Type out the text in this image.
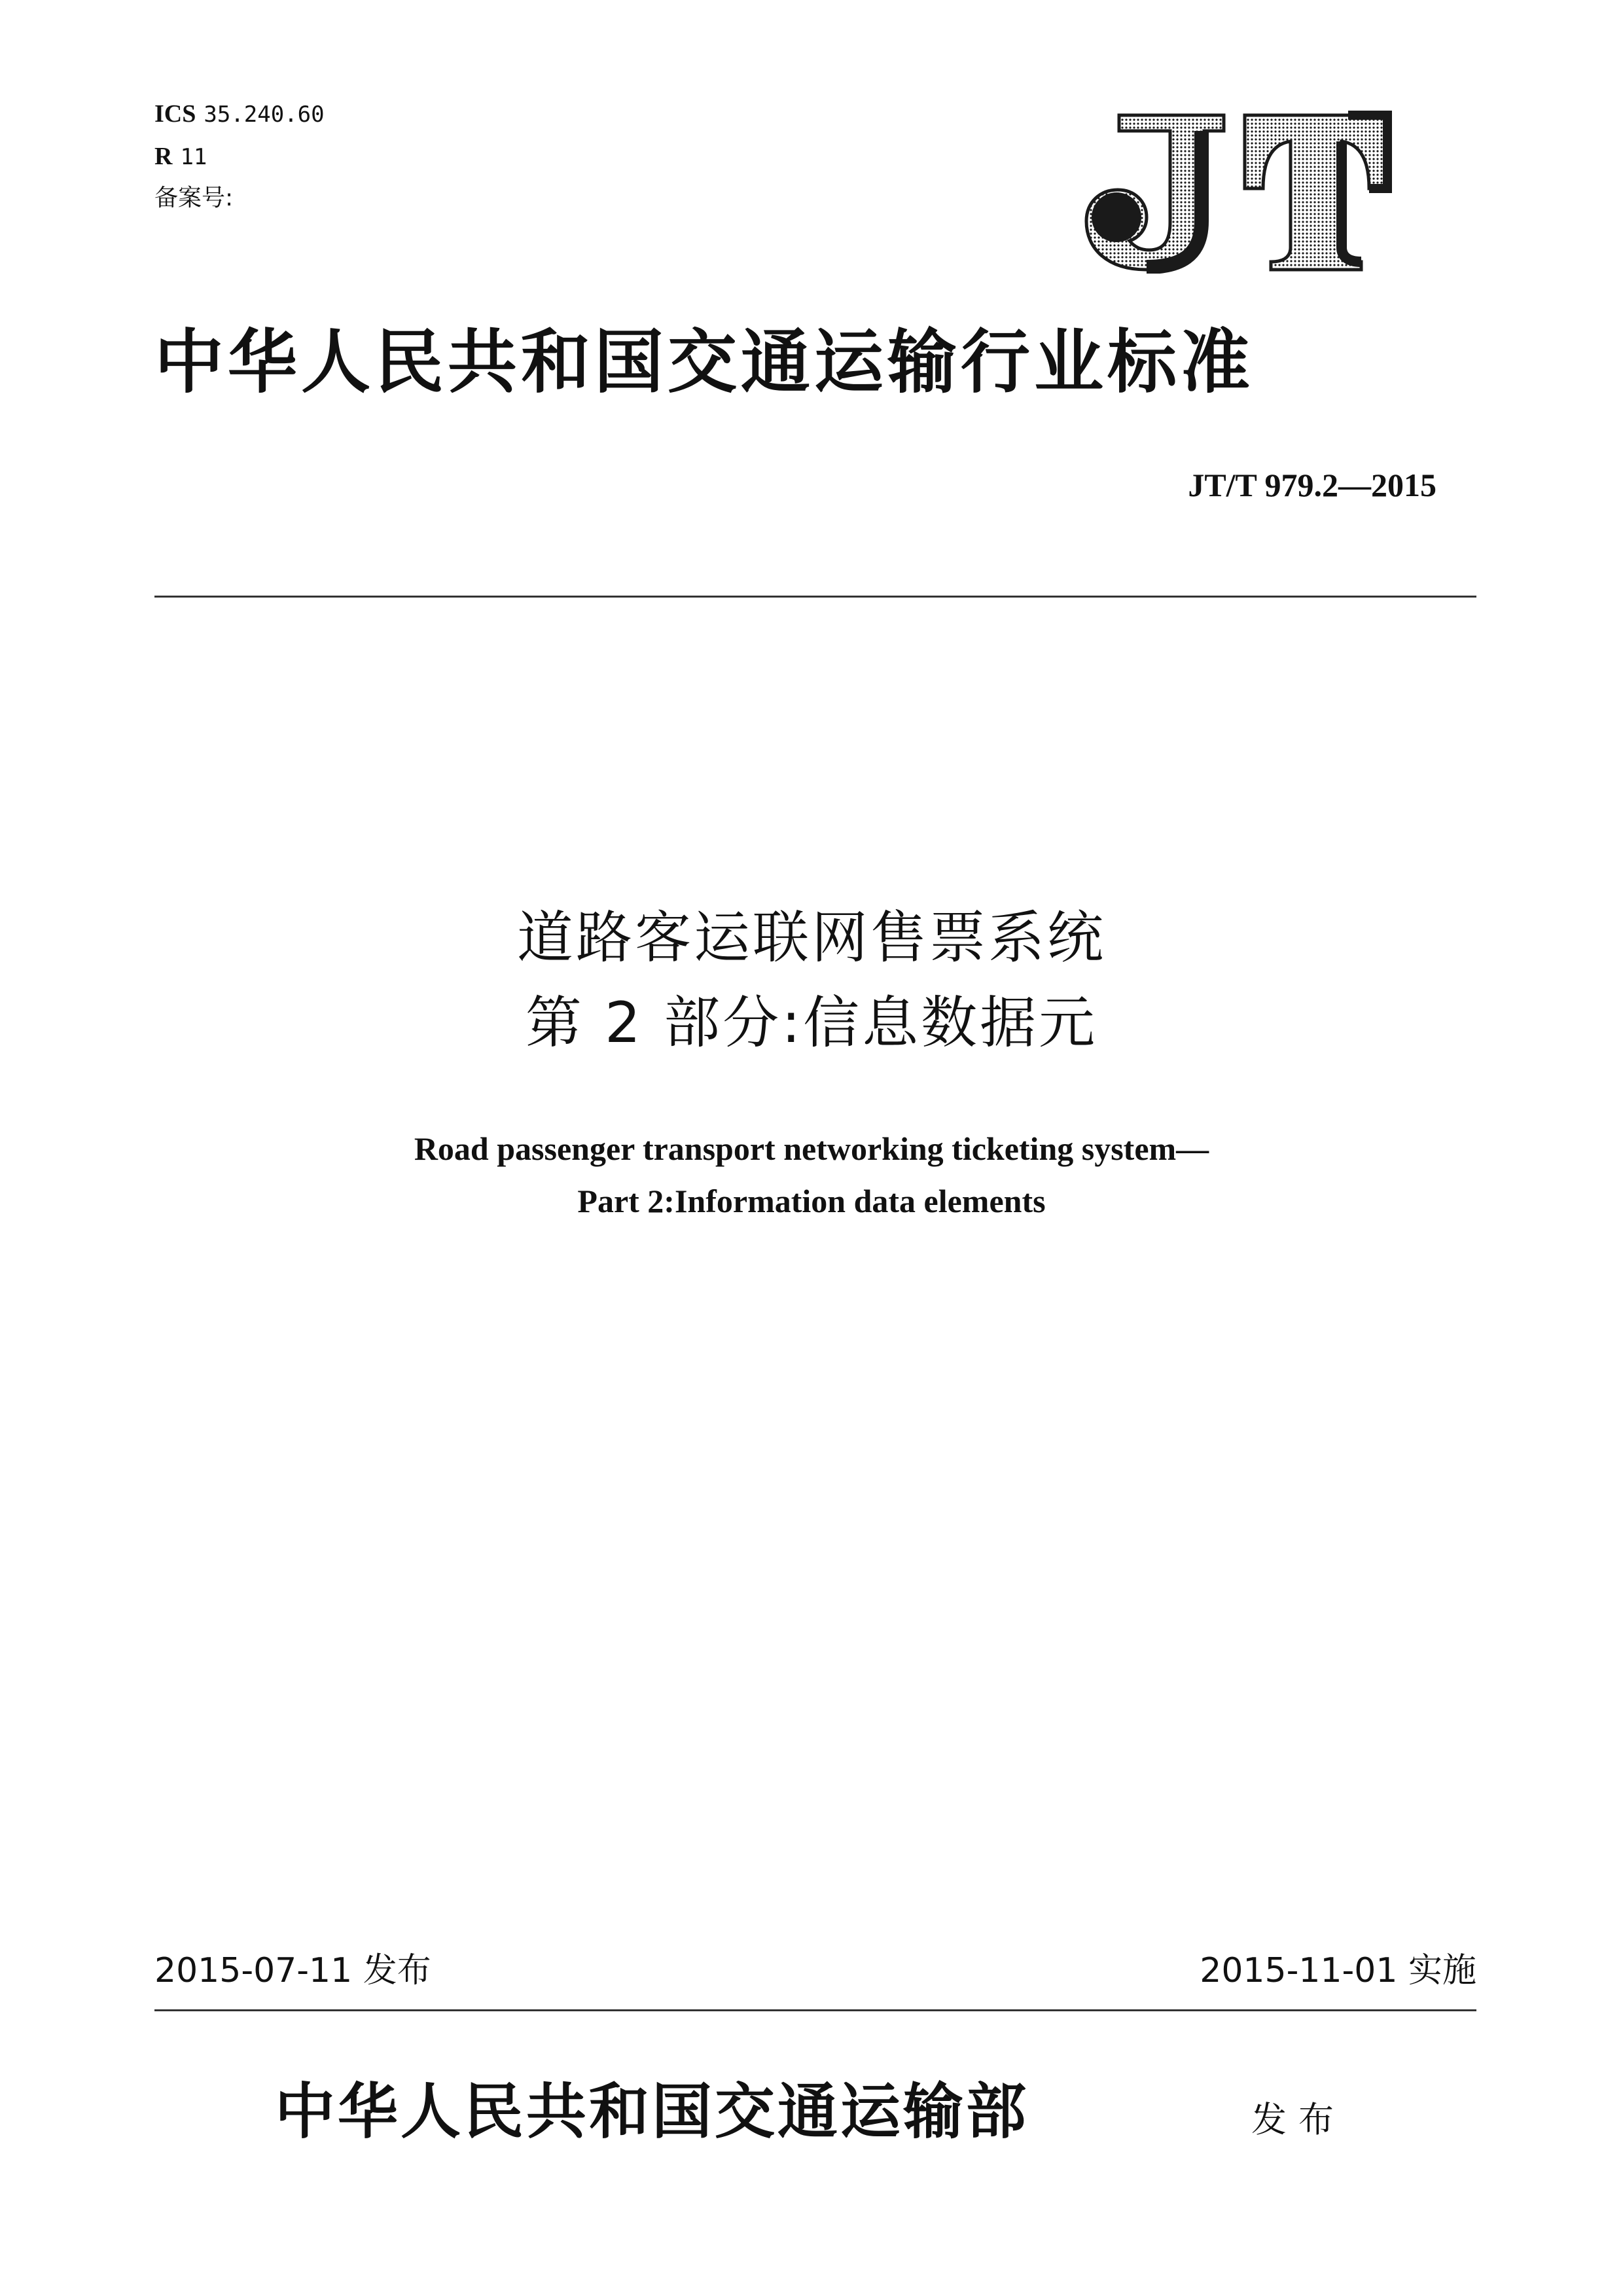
ICS 35.240.60
R 11
备案号:
中华人民共和国交通运输行业标准
JT/T 979.2—2015
道路客运联网售票系统
第 2 部分:信息数据元
Road passenger transport networking ticketing system—
Part 2:Information data elements
2015-07-11 发布	2015-11-01 实施
中华人民共和国交通运输部	发布
